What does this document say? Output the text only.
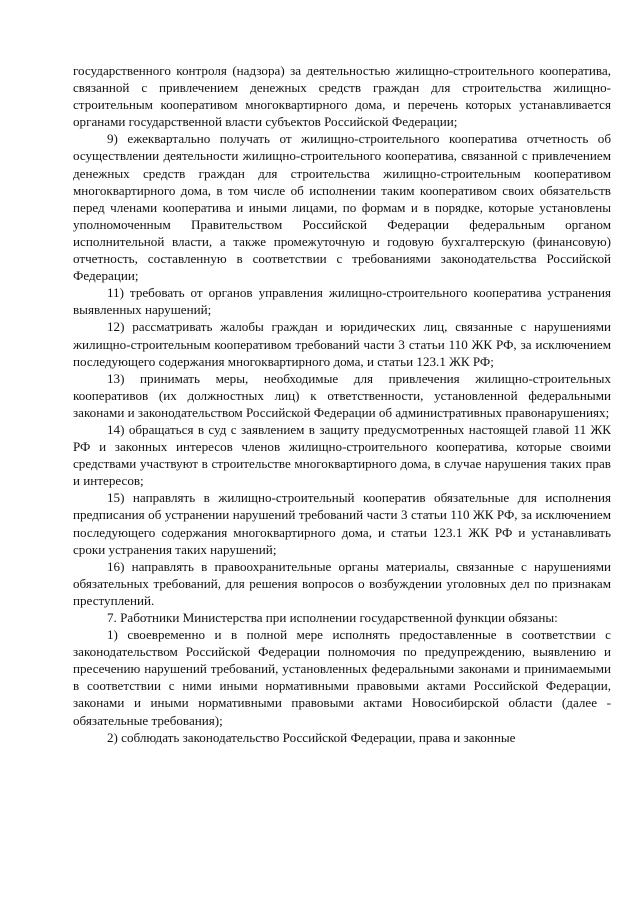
государственного контроля (надзора) за деятельностью жилищно-строительного кооператива, связанной с привлечением денежных средств граждан для строительства жилищно-строительным кооперативом многоквартирного дома, и перечень которых устанавливается органами государственной власти субъектов Российской Федерации;

9) ежеквартально получать от жилищно-строительного кооператива отчетность об осуществлении деятельности жилищно-строительного кооператива, связанной с привлечением денежных средств граждан для строительства жилищно-строительным кооперативом многоквартирного дома, в том числе об исполнении таким кооперативом своих обязательств перед членами кооператива и иными лицами, по формам и в порядке, которые установлены уполномоченным Правительством Российской Федерации федеральным органом исполнительной власти, а также промежуточную и годовую бухгалтерскую (финансовую) отчетность, составленную в соответствии с требованиями законодательства Российской Федерации;

11) требовать от органов управления жилищно-строительного кооператива устранения выявленных нарушений;

12) рассматривать жалобы граждан и юридических лиц, связанные с нарушениями жилищно-строительным кооперативом требований части 3 статьи 110 ЖК РФ, за исключением последующего содержания многоквартирного дома, и статьи 123.1 ЖК РФ;

13) принимать меры, необходимые для привлечения жилищно-строительных кооперативов (их должностных лиц) к ответственности, установленной федеральными законами и законодательством Российской Федерации об административных правонарушениях;

14) обращаться в суд с заявлением в защиту предусмотренных настоящей главой 11 ЖК РФ и законных интересов членов жилищно-строительного кооператива, которые своими средствами участвуют в строительстве многоквартирного дома, в случае нарушения таких прав и интересов;

15) направлять в жилищно-строительный кооператив обязательные для исполнения предписания об устранении нарушений требований части 3 статьи 110 ЖК РФ, за исключением последующего содержания многоквартирного дома, и статьи 123.1 ЖК РФ и устанавливать сроки устранения таких нарушений;

16) направлять в правоохранительные органы материалы, связанные с нарушениями обязательных требований, для решения вопросов о возбуждении уголовных дел по признакам преступлений.

7. Работники Министерства при исполнении государственной функции обязаны:

1) своевременно и в полной мере исполнять предоставленные в соответствии с законодательством Российской Федерации полномочия по предупреждению, выявлению и пресечению нарушений требований, установленных федеральными законами и принимаемыми в соответствии с ними иными нормативными правовыми актами Российской Федерации, законами и иными нормативными правовыми актами Новосибирской области (далее - обязательные требования);

2) соблюдать законодательство Российской Федерации, права и законные
